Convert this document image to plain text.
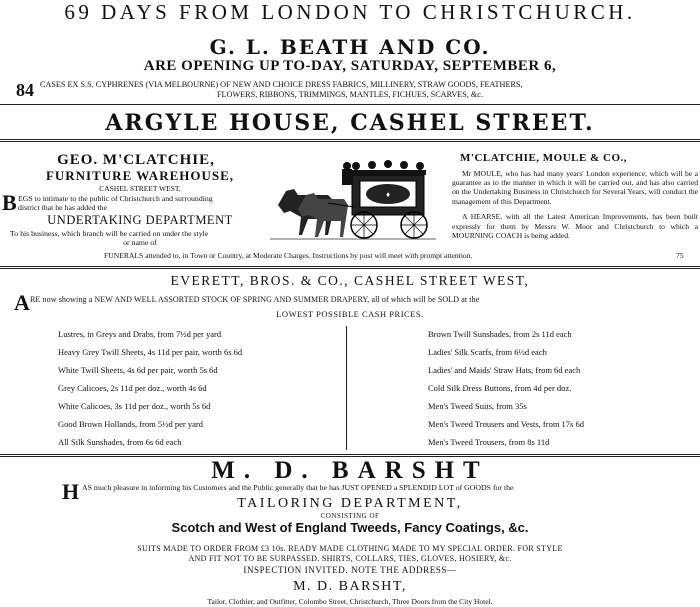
69 DAYS FROM LONDON TO CHRISTCHURCH.
G. L. BEATH AND CO.
ARE OPENING UP TO-DAY, SATURDAY, SEPTEMBER 6,
84 CASES EX S.S. CYPHRENES (VIA MELBOURNE) OF NEW AND CHOICE DRESS FABRICS, MILLINERY, STRAW GOODS, FEATHERS,
FLOWERS, RIBBONS, TRIMMINGS, MANTLES, FICHUES, SCARVES, &c.
ARGYLE HOUSE, CASHEL STREET.
GEO. M'CLATCHIE,
FURNITURE WAREHOUSE,
CASHEL STREET WEST,
B EGS to intimate to the public of Christchurch and surrounding
district that he has added the
UNDERTAKING DEPARTMENT
To his business, which branch will be carried on under the style
or name of
♦
M'CLATCHIE, MOULE & CO.,
Mr MOULE, who has had many years' London experience, which will be a guarantee as to the manner in which it will be carried out, and has also carried on the Undertaking Business in Christchurch for Several Years, will conduct the management of this Department.
A HEARSE, with all the Latest American Improvements, has been built expressly for them by Messrs W. Moor and Christchurch to which a MOURNING COACH is being added.
FUNERALS attended to, in Town or Country, at Moderate Charges. Instructions by post will meet with prompt attention.	75
EVERETT, BROS. & CO., CASHEL STREET WEST,
A RE now showing a NEW AND WELL ASSORTED STOCK OF SPRING AND SUMMER DRAPERY, all of which will be SOLD at the
LOWEST POSSIBLE CASH PRICES.
Lustres, in Greys and Drabs, from 7½d per yard
Heavy Grey Twill Sheets, 4s 11d per pair, worth 6s 6d
White Twill Sheets, 4s 6d per pair, worth 5s 6d
Grey Calicoes, 2s 11d per doz., worth 4s 6d
White Calicoes, 3s 11d per doz., worth 5s 6d
Good Brown Hollands, from 5½d per yard
All Silk Sunshades, from 6s 6d each
Brown Twill Sunshades, from 2s 11d each
Ladies' Silk Scarfs, from 6½d each
Ladies' and Maids' Straw Hats, from 6d each
Cold Silk Dress Buttons, from 4d per doz.
Men's Tweed Suits, from 35s
Men's Tweed Trousers and Vests, from 17s 6d
Men's Tweed Trousers, from 8s 11d
M. D. BARSHT
H AS much pleasure in informing his Customers and the Public generally that he has JUST OPENED a SPLENDID LOT of GOODS for the
TAILORING DEPARTMENT,
CONSISTING OF
Scotch and West of England Tweeds, Fancy Coatings, &c.
SUITS MADE TO ORDER FROM £3 10s. READY MADE CLOTHING MADE TO MY SPECIAL ORDER. FOR STYLE
AND FIT NOT TO BE SURPASSED. SHIRTS, COLLARS, TIES, GLOVES, HOSIERY, &c.
INSPECTION INVITED. NOTE THE ADDRESS—
M. D. BARSHT,
Tailor, Clothier, and Outfitter, Colombo Street, Christchurch, Three Doors from the City Hotel.
